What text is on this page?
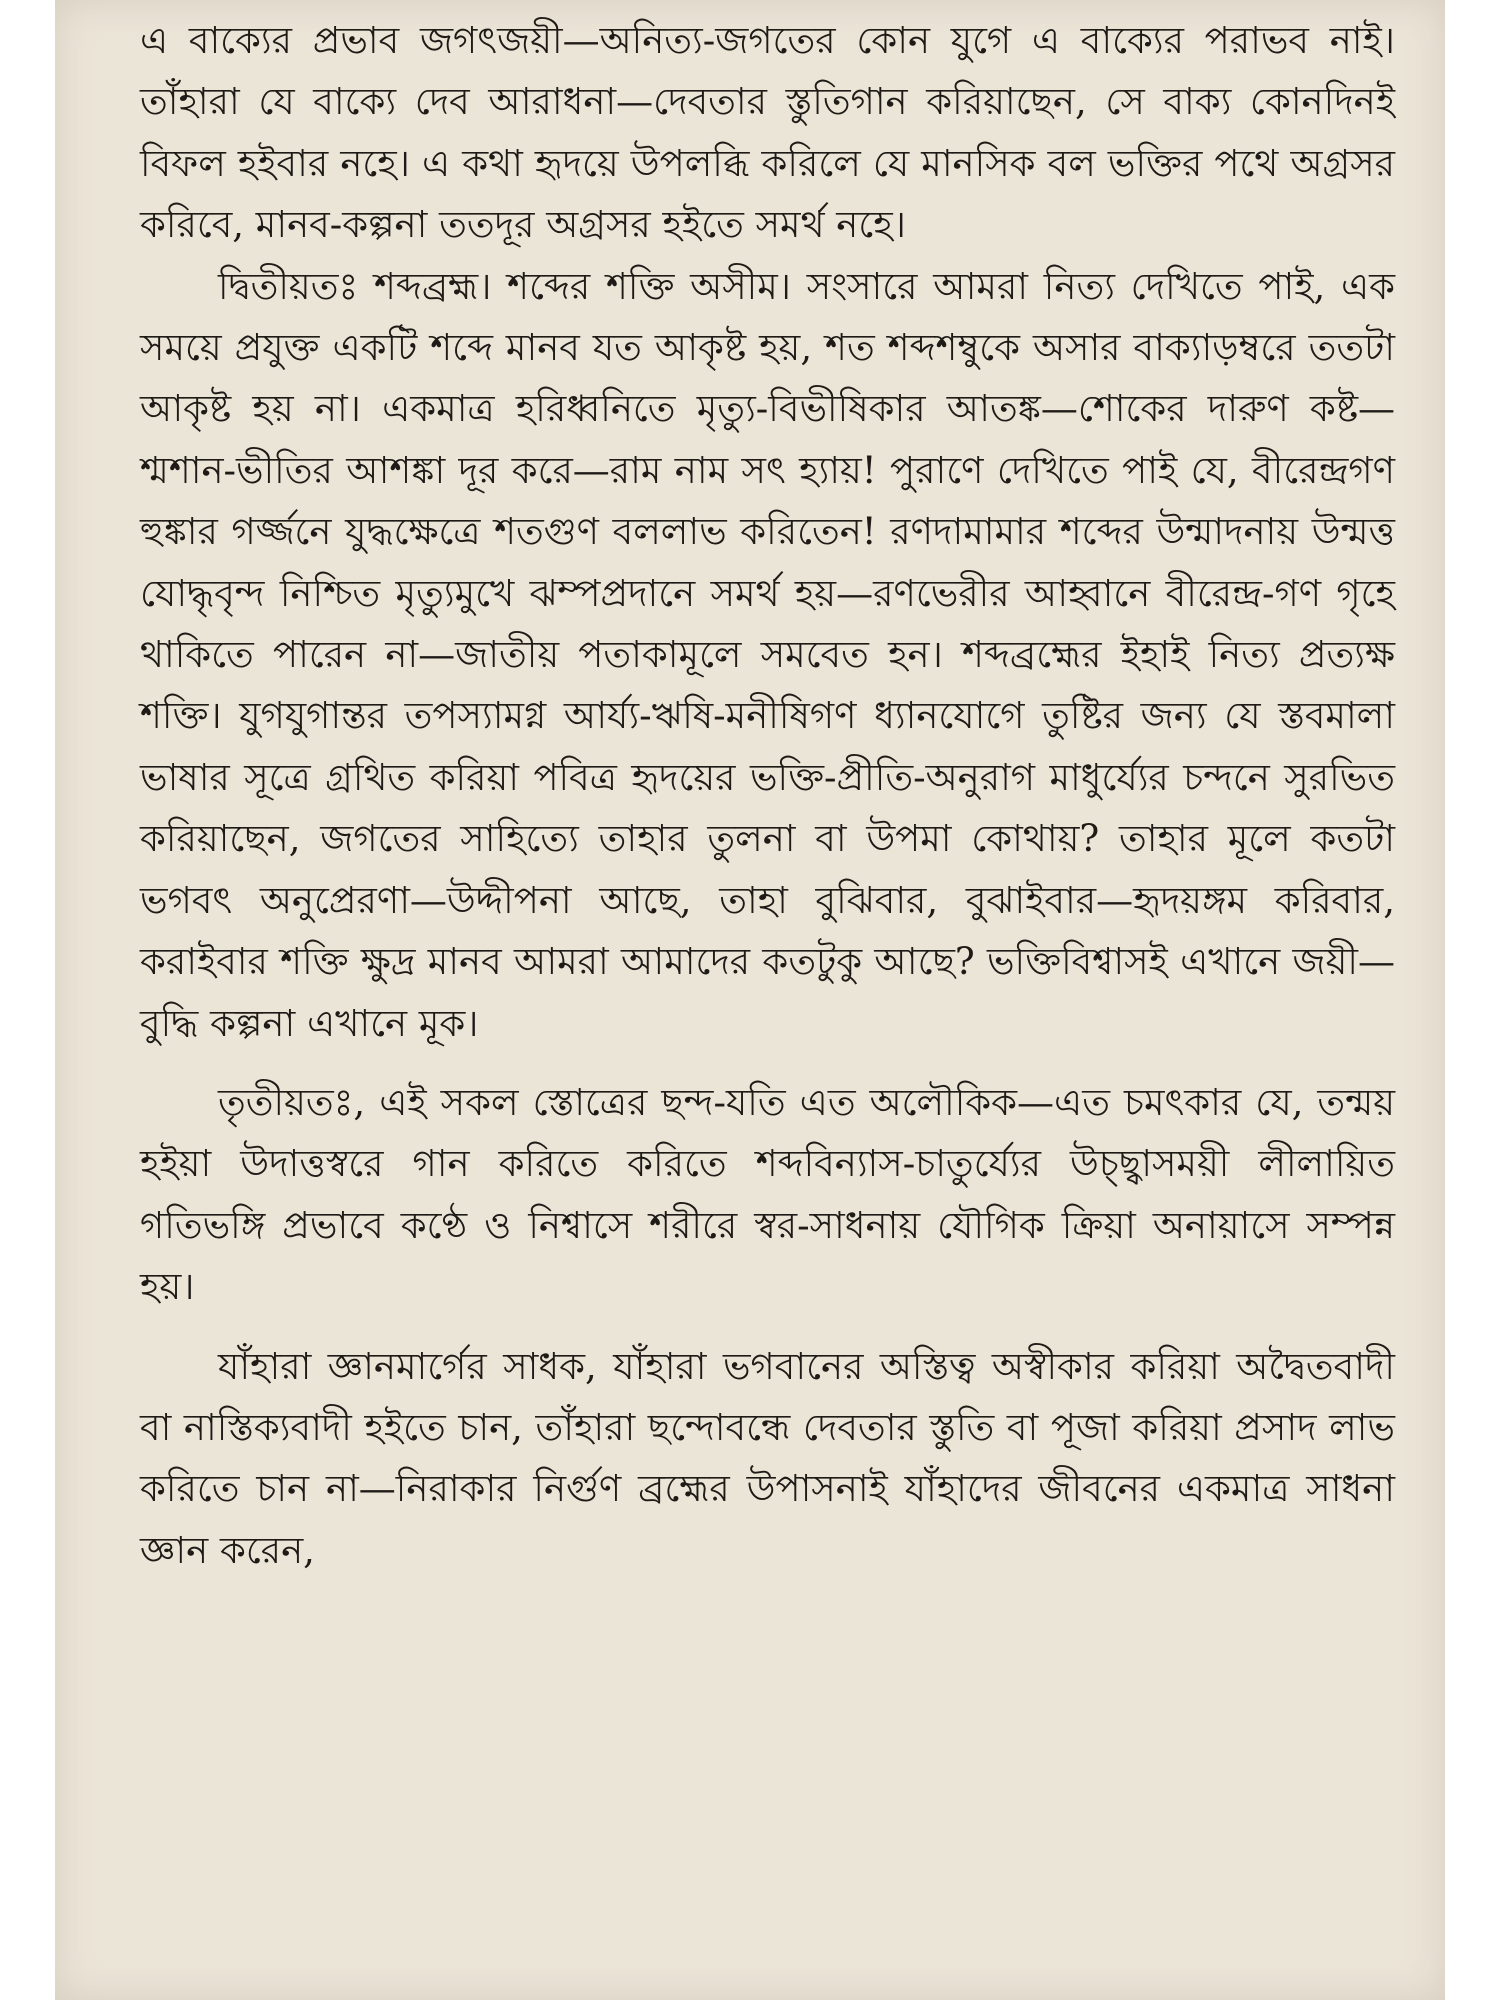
এ বাক্যের প্রভাব জগৎজয়ী—অনিত্য-জগতের কোন যুগে এ বাক্যের পরাভব নাই। তাঁহারা যে বাক্যে দেব আরাধনা—দেবতার স্তুতিগান করিয়াছেন, সে বাক্য কোনদিনই বিফল হইবার নহে। এ কথা হৃদয়ে উপলব্ধি করিলে যে মানসিক বল ভক্তির পথে অগ্রসর করিবে, মানব-কল্পনা ততদূর অগ্রসর হইতে সমর্থ নহে।

দ্বিতীয়তঃ শব্দব্রহ্ম। শব্দের শক্তি অসীম। সংসারে আমরা নিত্য দেখিতে পাই, এক সময়ে প্রযুক্ত একটি শব্দে মানব যত আকৃষ্ট হয়, শত শব্দশম্বুকে অসার বাক্যাড়ম্বরে ততটা আকৃষ্ট হয় না। একমাত্র হরিধ্বনিতে মৃত্যু-বিভীষিকার আতঙ্ক—শোকের দারুণ কষ্ট—শ্মশান-ভীতির আশঙ্কা দূর করে—রাম নাম সৎ হ্যায়! পুরাণে দেখিতে পাই যে, বীরেন্দ্রগণ হুঙ্কার গর্জ্জনে যুদ্ধক্ষেত্রে শতগুণ বললাভ করিতেন! রণদামামার শব্দের উন্মাদনায় উন্মত্ত যোদ্ধৃবৃন্দ নিশ্চিত মৃত্যুমুখে ঝম্পপ্রদানে সমর্থ হয়—রণভেরীর আহ্বানে বীরেন্দ্র-গণ গৃহে থাকিতে পারেন না—জাতীয় পতাকামূলে সমবেত হন। শব্দব্রহ্মের ইহাই নিত্য প্রত্যক্ষ শক্তি। যুগযুগান্তর তপস্যামগ্ন আর্য্য-ঋষি-মনীষিগণ ধ্যানযোগে তুষ্টির জন্য যে স্তবমালা ভাষার সূত্রে গ্রথিত করিয়া পবিত্র হৃদয়ের ভক্তি-প্রীতি-অনুরাগ মাধুর্য্যের চন্দনে সুরভিত করিয়াছেন, জগতের সাহিত্যে তাহার তুলনা বা উপমা কোথায়? তাহার মূলে কতটা ভগবৎ অনুপ্রেরণা—উদ্দীপনা আছে, তাহা বুঝিবার, বুঝাইবার—হৃদয়ঙ্গম করিবার, করাইবার শক্তি ক্ষুদ্র মানব আমরা আমাদের কতটুকু আছে? ভক্তিবিশ্বাসই এখানে জয়ী—বুদ্ধি কল্পনা এখানে মূক।

তৃতীয়তঃ, এই সকল স্তোত্রের ছন্দ-যতি এত অলৌকিক—এত চমৎকার যে, তন্ময় হইয়া উদাত্তস্বরে গান করিতে করিতে শব্দবিন্যাস-চাতুর্য্যের উচ্ছ্বাসময়ী লীলায়িত গতিভঙ্গি প্রভাবে কণ্ঠে ও নিশ্বাসে শরীরে স্বর-সাধনায় যৌগিক ক্রিয়া অনায়াসে সম্পন্ন হয়।

যাঁহারা জ্ঞানমার্গের সাধক, যাঁহারা ভগবানের অস্তিত্ব অস্বীকার করিয়া অদ্বৈতবাদী বা নাস্তিক্যবাদী হইতে চান, তাঁহারা ছন্দোবন্ধে দেবতার স্তুতি বা পূজা করিয়া প্রসাদ লাভ করিতে চান না—নিরাকার নির্গুণ ব্রহ্মের উপাসনাই যাঁহাদের জীবনের একমাত্র সাধনা জ্ঞান করেন,
